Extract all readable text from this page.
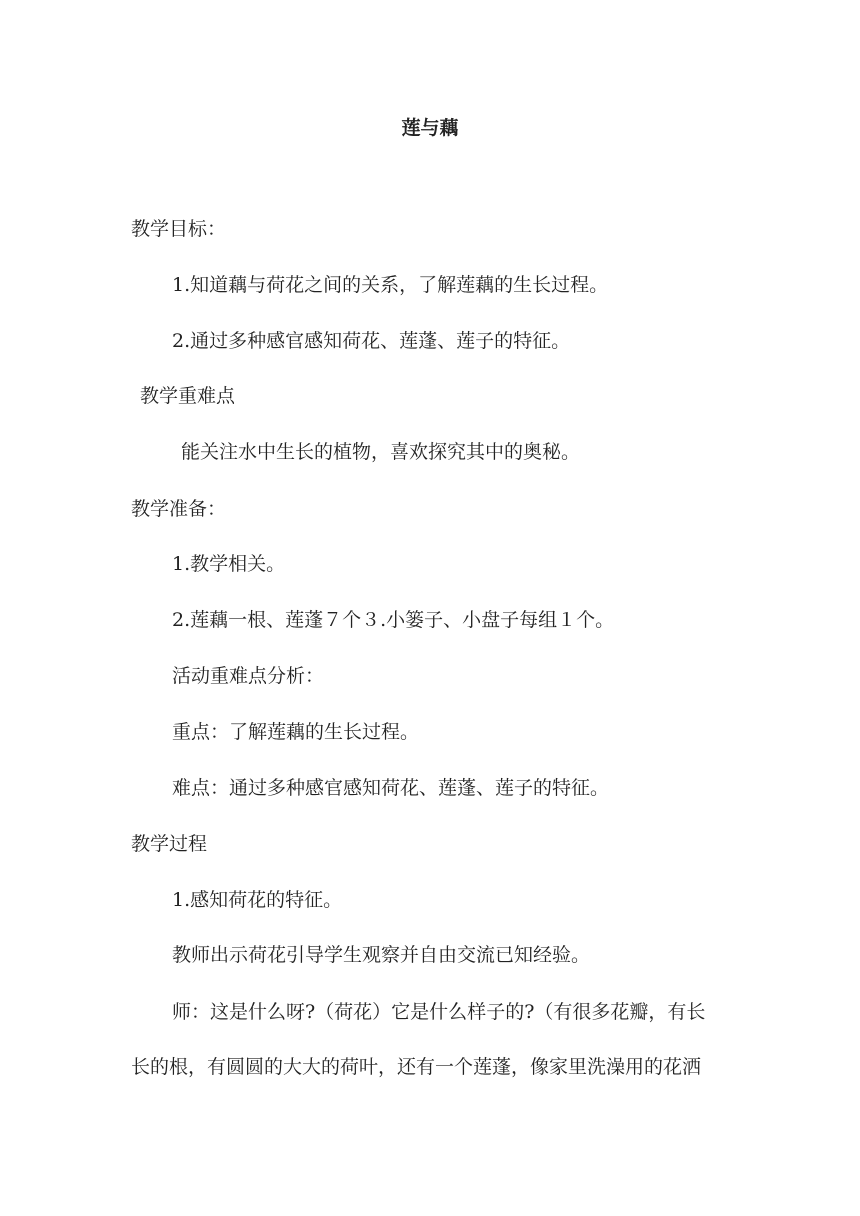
莲与藕

教学目标：

1.知道藕与荷花之间的关系，了解莲藕的生长过程。

2.通过多种感官感知荷花、莲蓬、莲子的特征。

教学重难点

能关注水中生长的植物，喜欢探究其中的奥秘。

教学准备：

1.教学相关。

2.莲藕一根、莲蓬７个３.小篓子、小盘子每组１个。

活动重难点分析：

重点：了解莲藕的生长过程。

难点：通过多种感官感知荷花、莲蓬、莲子的特征。

教学过程

1.感知荷花的特征。

教师出示荷花引导学生观察并自由交流已知经验。

师：这是什么呀?（荷花）它是什么样子的?（有很多花瓣，有长

长的根，有圆圆的大大的荷叶，还有一个莲蓬，像家里洗澡用的花洒
